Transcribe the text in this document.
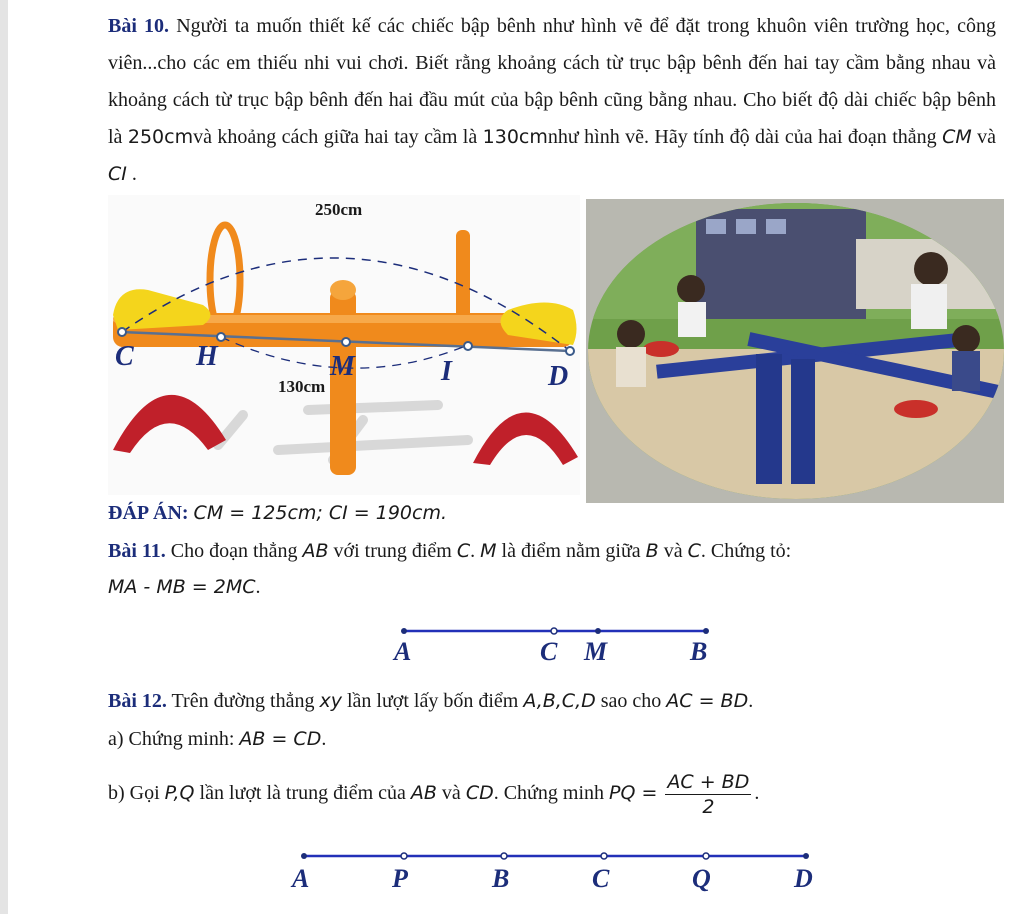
Bài 10. Người ta muốn thiết kế các chiếc bập bênh như hình vẽ để đặt trong khuôn viên trường học, công viên...cho các em thiếu nhi vui chơi. Biết rằng khoảng cách từ trục bập bênh đến hai tay cầm bằng nhau và khoảng cách từ trục bập bênh đến hai đầu mút của bập bênh cũng bằng nhau. Cho biết độ dài chiếc bập bênh là 250cmvà khoảng cách giữa hai tay cầm là 130cmnhư hình vẽ. Hãy tính độ dài của hai đoạn thẳng CM và CI .
250cm
130cm
C H	M	I	D
ĐÁP ÁN: CM = 125cm; CI = 190cm.
Bài 11. Cho đoạn thẳng AB với trung điểm C. M là điểm nằm giữa B và C. Chứng tỏ:
MA - MB = 2MC.
A	C M	B
Bài 12. Trên đường thẳng xy lần lượt lấy bốn điểm A,B,C,D sao cho AC = BD.
a) Chứng minh: AB = CD.
b) Gọi P,Q lần lượt là trung điểm của AB và CD. Chứng minh PQ = $\frac{AC + BD}{2}$ .
A	P	B	C	Q	D
